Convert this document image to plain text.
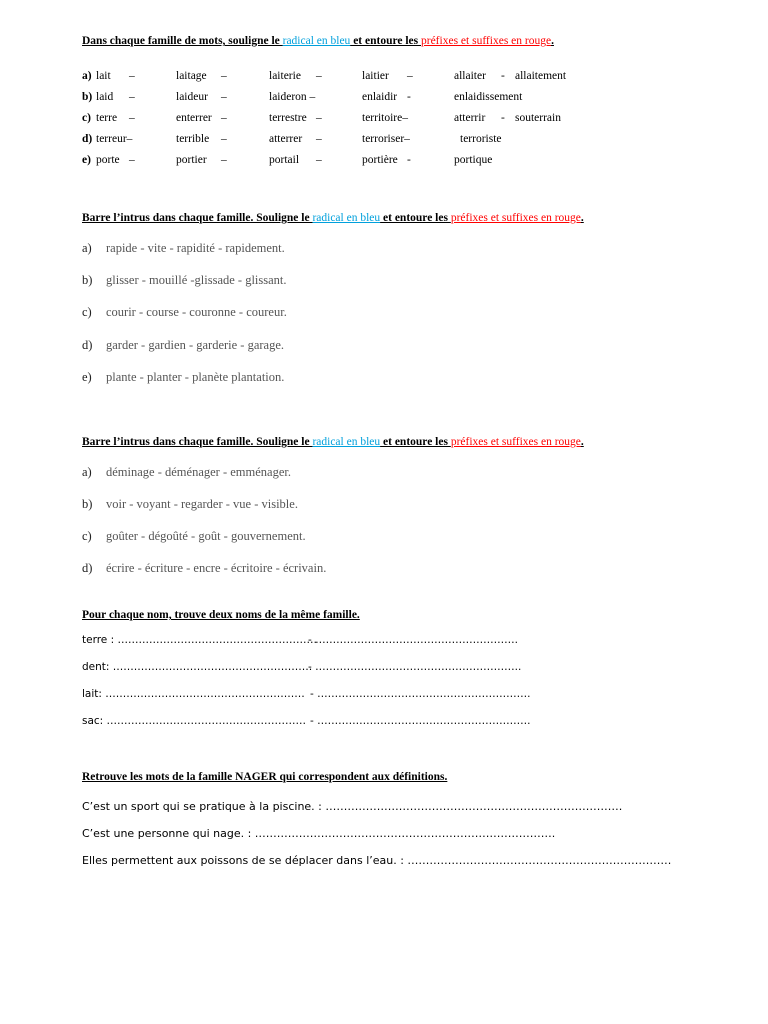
Dans chaque famille de mots, souligne le radical en bleu et entoure les préfixes et suffixes en rouge.
a) lait –	laitage –	laiterie –	laitier –	allaiter - allaitement
b) laid –	laideur –	laideron –	enlaidir -	enlaidissement
c) terre –	enterrer –	terrestre –	territoire–	atterrir - souterrain
d) terreur–	terrible –	atterrer –	terroriser–	terroriste
e) porte –	portier –	portail –	portière -	portique
Barre l’intrus dans chaque famille. Souligne le radical en bleu et entoure les préfixes et suffixes en rouge.
a) rapide - vite - rapidité - rapidement.
b) glisser - mouillé -glissade - glissant.
c) courir - course - couronne - coureur.
d) garder - gardien - garderie - garage.
e) plante - planter - planète plantation.
Barre l’intrus dans chaque famille. Souligne le radical en bleu et entoure les préfixes et suffixes en rouge.
a) déminage - déménager - emménager.
b) voir - voyant - regarder - vue - visible.
c) goûter - dégoûté - goût - gouvernement.
d) écrire - écriture - encre - écritoire - écrivain.
Pour chaque nom, trouve deux noms de la même famille.
terre : …………………………………………………
- ………………………………………………….
dent: …………………………………………………
- …………………………………………………..
lait: ………………………………………………… - …………………………………………………….
sac: ………………………………………………… - …………………………………………………….
Retrouve les mots de la famille NAGER qui correspondent aux définitions.
C’est un sport qui se pratique à la piscine. : ………………………………………………………………………
C’est une personne qui nage. : ……………………………………………………………………….
Elles permettent aux poissons de se déplacer dans l’eau. : ………………………………………………………………
